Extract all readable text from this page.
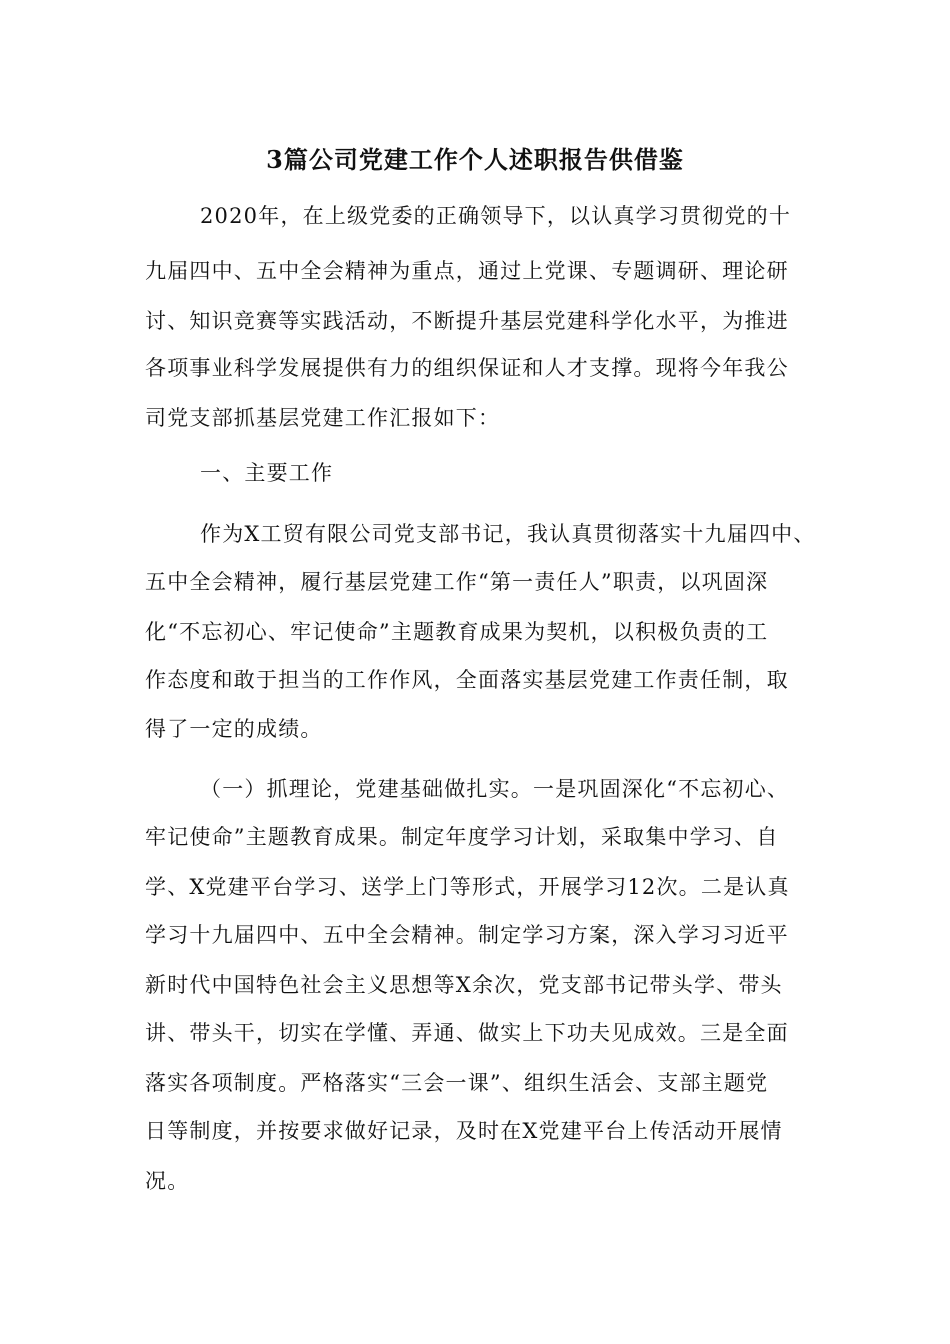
3篇公司党建工作个人述职报告供借鉴
2020年，在上级党委的正确领导下，以认真学习贯彻党的十
九届四中、五中全会精神为重点，通过上党课、专题调研、理论研
讨、知识竞赛等实践活动，不断提升基层党建科学化水平，为推进
各项事业科学发展提供有力的组织保证和人才支撑。现将今年我公
司党支部抓基层党建工作汇报如下：
一、主要工作
作为X工贸有限公司党支部书记，我认真贯彻落实十九届四中、
五中全会精神，履行基层党建工作“第一责任人”职责，以巩固深
化“不忘初心、牢记使命”主题教育成果为契机，以积极负责的工
作态度和敢于担当的工作作风，全面落实基层党建工作责任制，取
得了一定的成绩。
（一）抓理论，党建基础做扎实。一是巩固深化“不忘初心、
牢记使命”主题教育成果。制定年度学习计划，采取集中学习、自
学、X党建平台学习、送学上门等形式，开展学习12次。二是认真
学习十九届四中、五中全会精神。制定学习方案，深入学习习近平
新时代中国特色社会主义思想等X余次，党支部书记带头学、带头
讲、带头干，切实在学懂、弄通、做实上下功夫见成效。三是全面
落实各项制度。严格落实“三会一课”、组织生活会、支部主题党
日等制度，并按要求做好记录，及时在X党建平台上传活动开展情
况。
